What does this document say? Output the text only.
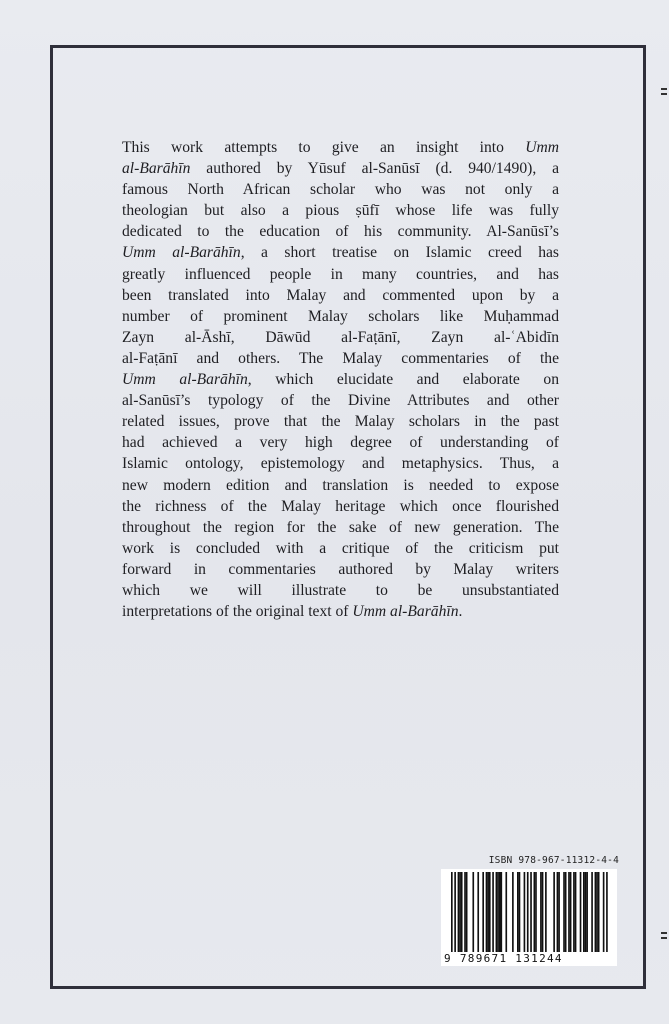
This work attempts to give an insight into Umm
al-Barāhīn authored by Yūsuf al-Sanūsī (d. 940/1490), a
famous North African scholar who was not only a
theologian but also a pious ṣūfī whose life was fully
dedicated to the education of his community. Al-Sanūsī’s
Umm al-Barāhīn, a short treatise on Islamic creed has
greatly influenced people in many countries, and has
been translated into Malay and commented upon by a
number of prominent Malay scholars like Muḥammad
Zayn al-Āshī, Dāwūd al-Faṭānī, Zayn al-ʿAbidīn
al-Faṭānī and others. The Malay commentaries of the
Umm al-Barāhīn, which elucidate and elaborate on
al-Sanūsī’s typology of the Divine Attributes and other
related issues, prove that the Malay scholars in the past
had achieved a very high degree of understanding of
Islamic ontology, epistemology and metaphysics. Thus, a
new modern edition and translation is needed to expose
the richness of the Malay heritage which once flourished
throughout the region for the sake of new generation. The
work is concluded with a critique of the criticism put
forward in commentaries authored by Malay writers
which we will illustrate to be unsubstantiated
interpretations of the original text of Umm al-Barāhīn.
ISBN 978-967-11312-4-4
9 789671 131244
